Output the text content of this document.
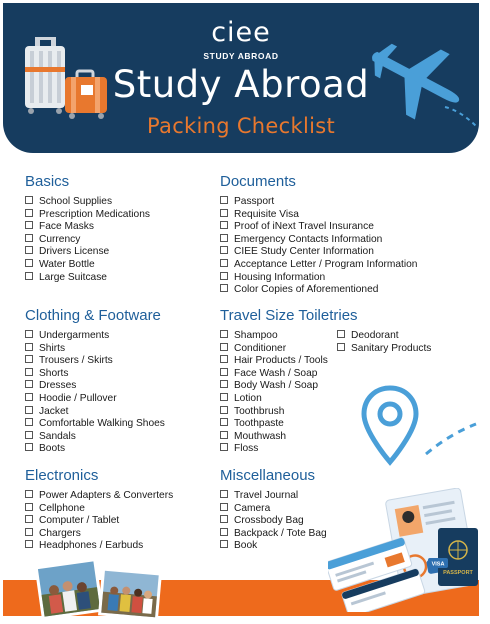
ciee
STUDY ABROAD
Study Abroad
Packing Checklist
Basics
School Supplies
Prescription Medications
Face Masks
Currency
Drivers License
Water Bottle
Large Suitcase
Documents
Passport
Requisite Visa
Proof of iNext Travel Insurance
Emergency Contacts Information
CIEE Study Center Information
Acceptance Letter / Program Information
Housing Information
Color Copies of Aforementioned
Clothing & Footware
Undergarments
Shirts
Trousers / Skirts
Shorts
Dresses
Hoodie / Pullover
Jacket
Comfortable Walking Shoes
Sandals
Boots
Travel Size Toiletries
Shampoo
Conditioner
Hair Products / Tools
Face Wash / Soap
Body Wash / Soap
Lotion
Toothbrush
Toothpaste
Mouthwash
Floss
Deodorant
Sanitary Products
Electronics
Power Adapters & Converters
Cellphone
Computer / Tablet
Chargers
Headphones / Earbuds
Miscellaneous
Travel Journal
Camera
Crossbody Bag
Backpack / Tote Bag
Book
PASSPORT
VISA
